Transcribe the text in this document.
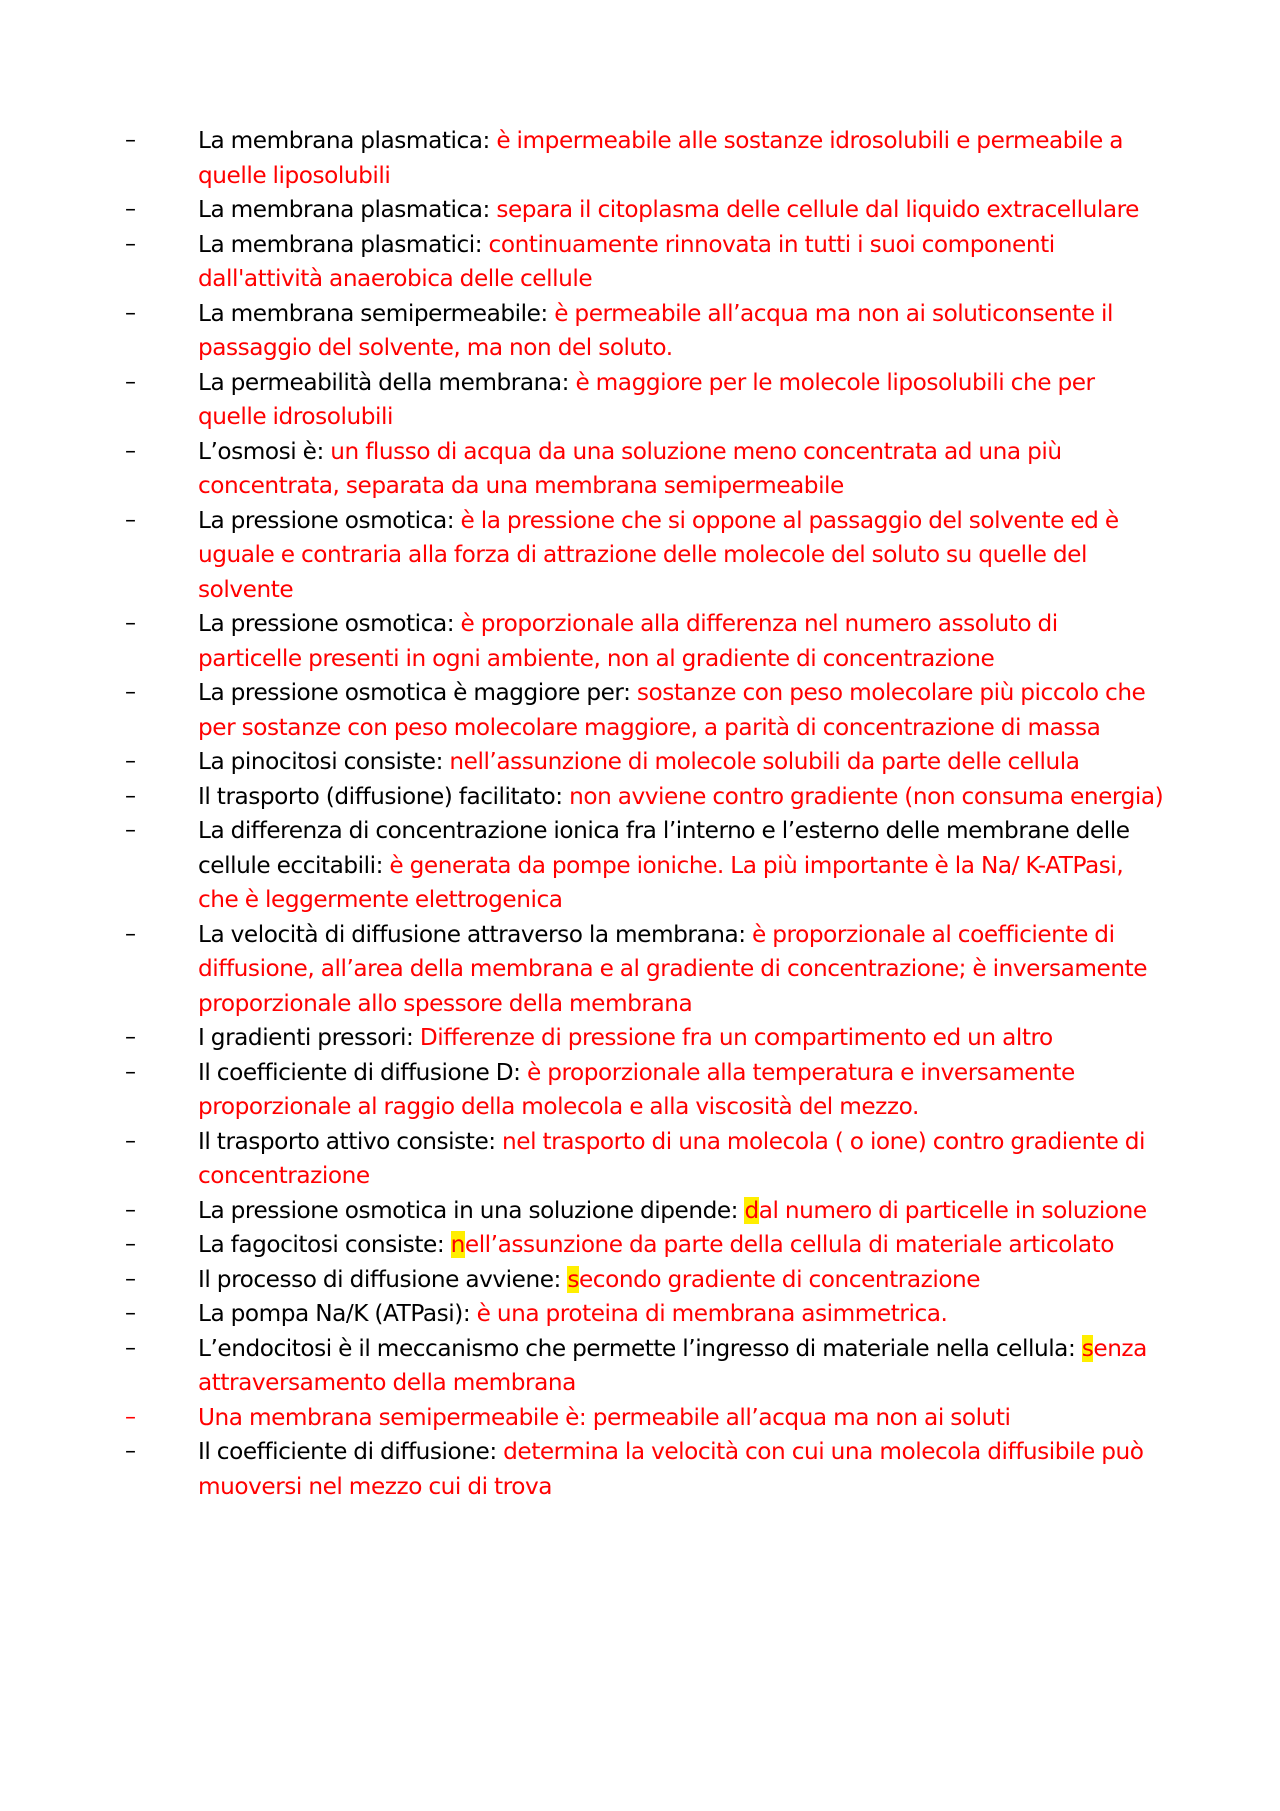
–	La membrana plasmatica: è impermeabile alle sostanze idrosolubili e permeabile a quelle liposolubili
–	La membrana plasmatica: separa il citoplasma delle cellule dal liquido extracellulare
–	La membrana plasmatici: continuamente rinnovata in tutti i suoi componenti dall'attività anaerobica delle cellule
–	La membrana semipermeabile: è permeabile all’acqua ma non ai soluticonsente il passaggio del solvente, ma non del soluto.
–	La permeabilità della membrana: è maggiore per le molecole liposolubili che per quelle idrosolubili
–	L’osmosi è: un flusso di acqua da una soluzione meno concentrata ad una più concentrata, separata da una membrana semipermeabile
–	La pressione osmotica: è la pressione che si oppone al passaggio del solvente ed è uguale e contraria alla forza di attrazione delle molecole del soluto su quelle del solvente
–	La pressione osmotica: è proporzionale alla differenza nel numero assoluto di particelle presenti in ogni ambiente, non al gradiente di concentrazione
–	La pressione osmotica è maggiore per: sostanze con peso molecolare più piccolo che per sostanze con peso molecolare maggiore, a parità di concentrazione di massa
–	La pinocitosi consiste: nell’assunzione di molecole solubili da parte delle cellula
–	Il trasporto (diffusione) facilitato: non avviene contro gradiente (non consuma energia)
–	La differenza di concentrazione ionica fra l’interno e l’esterno delle membrane delle cellule eccitabili: è generata da pompe ioniche. La più importante è la Na/ K-ATPasi, che è leggermente elettrogenica
–	La velocità di diffusione attraverso la membrana: è proporzionale al coefficiente di diffusione, all’area della membrana e al gradiente di concentrazione; è inversamente proporzionale allo spessore della membrana
–	I gradienti pressori: Differenze di pressione fra un compartimento ed un altro
–	Il coefficiente di diffusione D: è proporzionale alla temperatura e inversamente proporzionale al raggio della molecola e alla viscosità del mezzo.
–	Il trasporto attivo consiste: nel trasporto di una molecola ( o ione) contro gradiente di concentrazione
–	La pressione osmotica in una soluzione dipende: dal numero di particelle in soluzione
–	La fagocitosi consiste: nell’assunzione da parte della cellula di materiale articolato
–	Il processo di diffusione avviene: secondo gradiente di concentrazione
–	La pompa Na/K (ATPasi): è una proteina di membrana asimmetrica.
–	L’endocitosi è il meccanismo che permette l’ingresso di materiale nella cellula: senza attraversamento della membrana
–	Una membrana semipermeabile è: permeabile all’acqua ma non ai soluti
–	Il coefficiente di diffusione: determina la velocità con cui una molecola diffusibile può muoversi nel mezzo cui di trova
